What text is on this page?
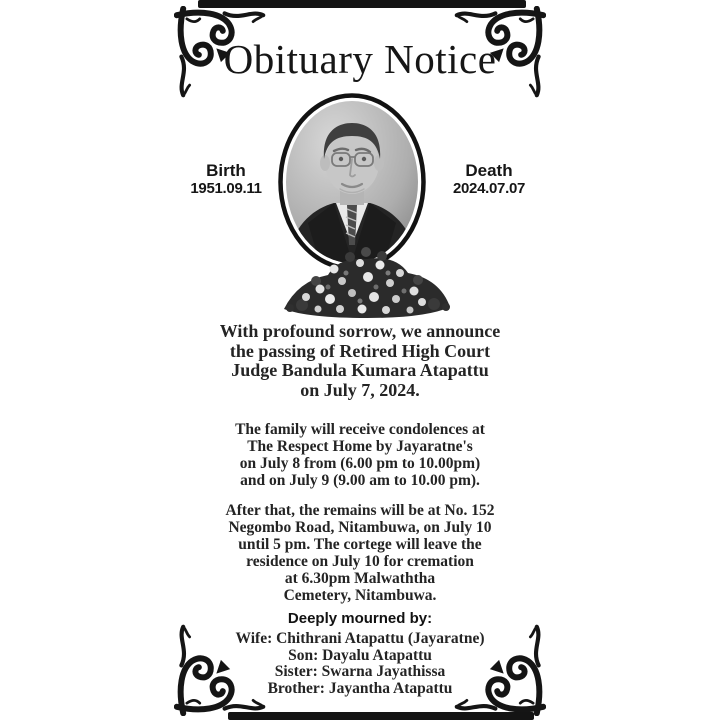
Obituary Notice
Birth
1951.09.11
Death
2024.07.07
With profound sorrow, we announce
the passing of Retired High Court
Judge Bandula Kumara Atapattu
on July 7, 2024.
The family will receive condolences at
The Respect Home by Jayaratne's
on July 8 from (6.00 pm to 10.00pm)
and on July 9 (9.00 am to 10.00 pm).
After that, the remains will be at No. 152
Negombo Road, Nitambuwa, on July 10
until 5 pm. The cortege will leave the
residence on July 10 for cremation
at 6.30pm Malwaththa
Cemetery, Nitambuwa.
Deeply mourned by:
Wife: Chithrani Atapattu (Jayaratne)
Son: Dayalu Atapattu
Sister: Swarna Jayathissa
Brother: Jayantha Atapattu
